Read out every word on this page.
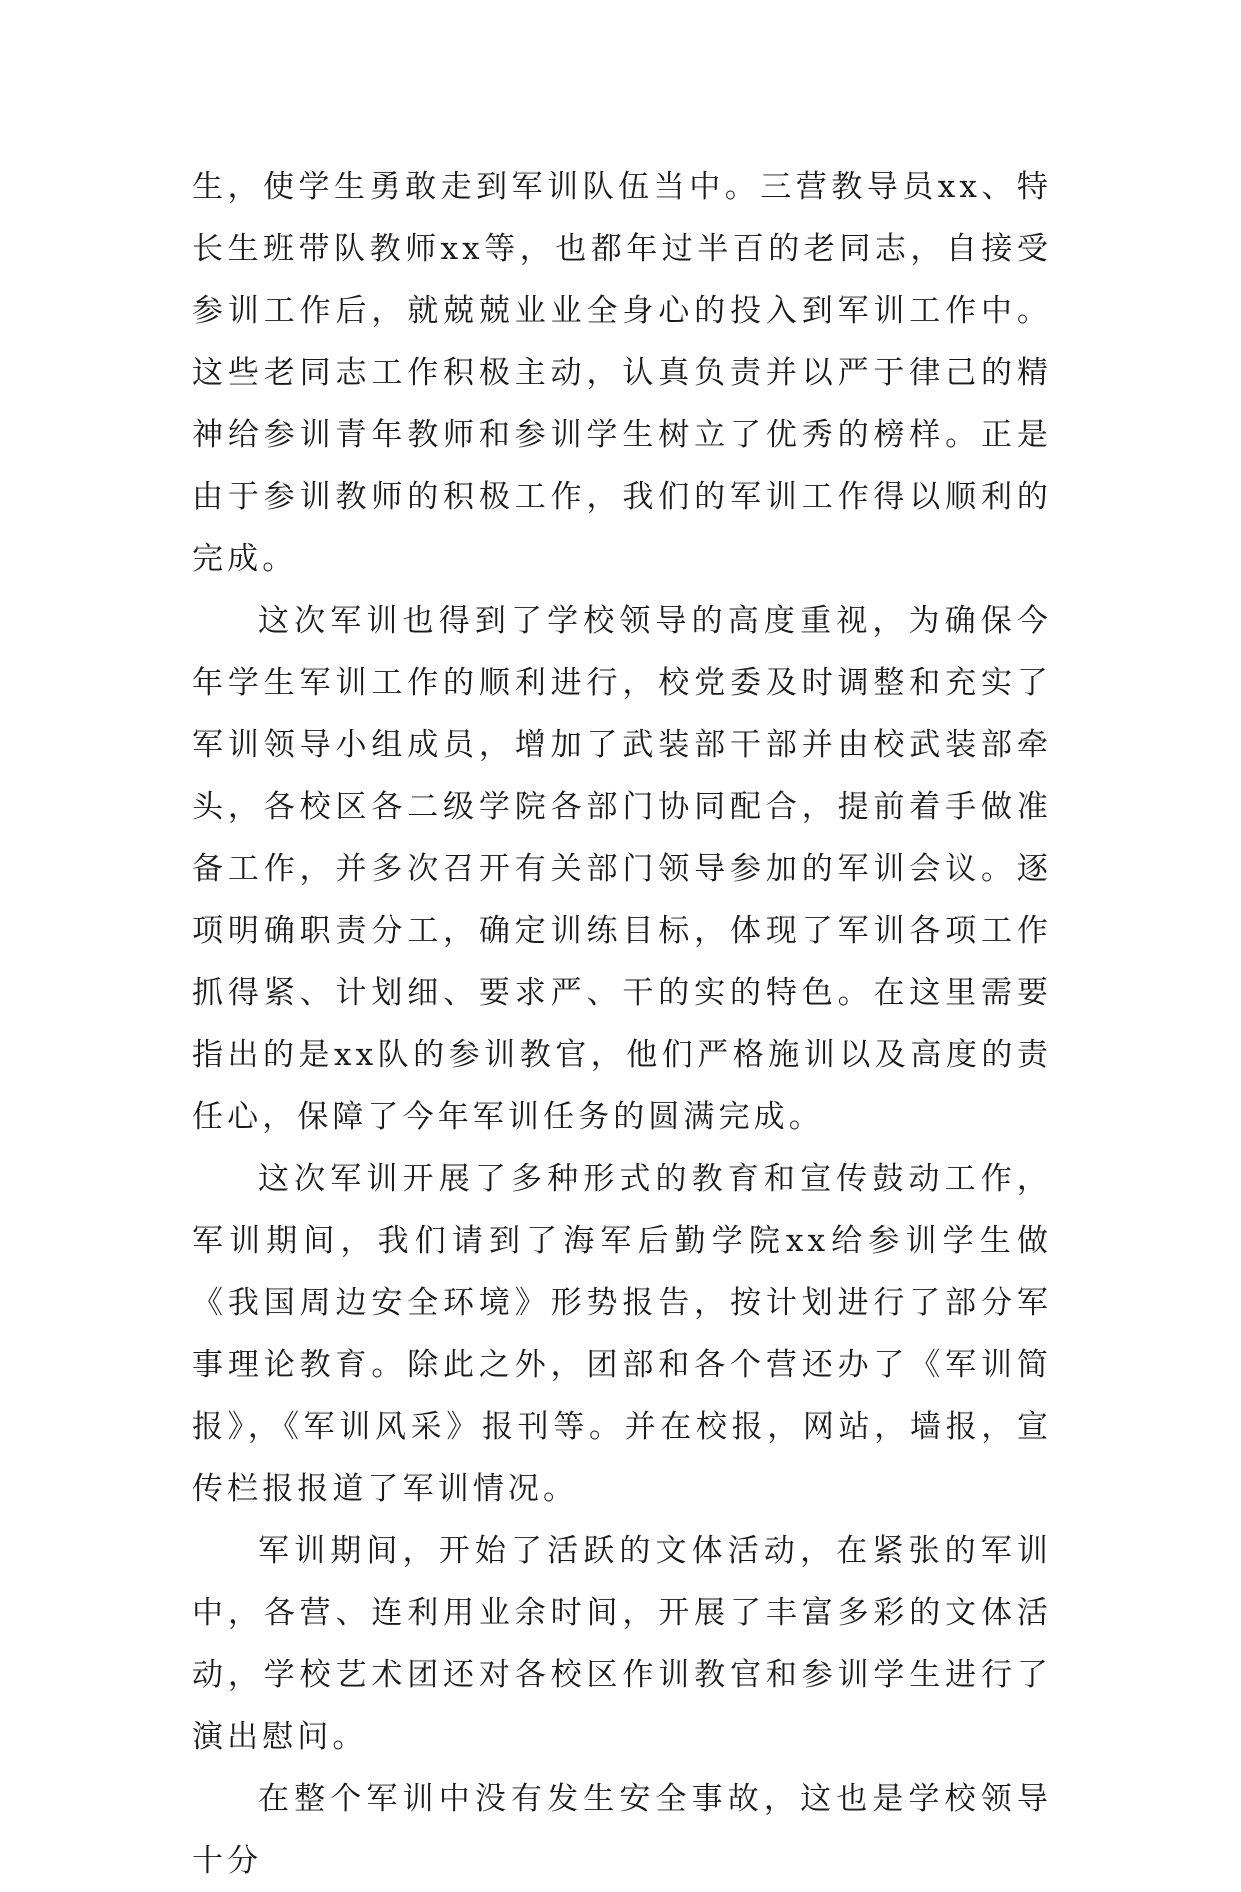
生，使学生勇敢走到军训队伍当中。三营教导员xx、特长生班带队教师xx等，也都年过半百的老同志，自接受参训工作后，就兢兢业业全身心的投入到军训工作中。这些老同志工作积极主动，认真负责并以严于律己的精神给参训青年教师和参训学生树立了优秀的榜样。正是由于参训教师的积极工作，我们的军训工作得以顺利的完成。

这次军训也得到了学校领导的高度重视，为确保今年学生军训工作的顺利进行，校党委及时调整和充实了军训领导小组成员，增加了武装部干部并由校武装部牵头，各校区各二级学院各部门协同配合，提前着手做准备工作，并多次召开有关部门领导参加的军训会议。逐项明确职责分工，确定训练目标，体现了军训各项工作抓得紧、计划细、要求严、干的实的特色。在这里需要指出的是xx队的参训教官，他们严格施训以及高度的责任心，保障了今年军训任务的圆满完成。

这次军训开展了多种形式的教育和宣传鼓动工作，军训期间，我们请到了海军后勤学院xx给参训学生做《我国周边安全环境》形势报告，按计划进行了部分军事理论教育。除此之外，团部和各个营还办了《军训简报》，《军训风采》报刊等。并在校报，网站，墙报，宣传栏报报道了军训情况。

军训期间，开始了活跃的文体活动，在紧张的军训中，各营、连利用业余时间，开展了丰富多彩的文体活动，学校艺术团还对各校区作训教官和参训学生进行了演出慰问。

在整个军训中没有发生安全事故，这也是学校领导十分
